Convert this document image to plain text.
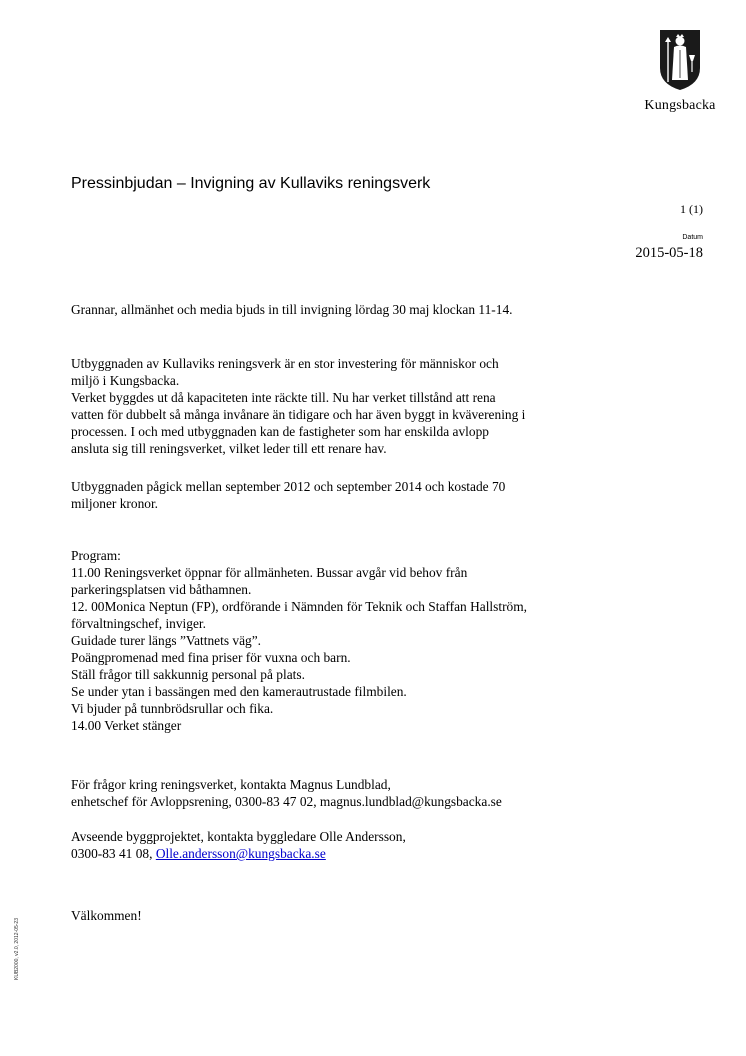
Kungsbacka
Pressinbjudan – Invigning av Kullaviks reningsverk
1 (1)
Datum
2015-05-18

Grannar, allmänhet och media bjuds in till invigning lördag 30 maj klockan 11-14.

Utbyggnaden av Kullaviks reningsverk är en stor investering för människor och

miljö i Kungsbacka.

Verket byggdes ut då kapaciteten inte räckte till. Nu har verket tillstånd att rena

vatten för dubbelt så många invånare än tidigare och har även byggt in kväverening i

processen. I och med utbyggnaden kan de fastigheter som har enskilda avlopp

ansluta sig till reningsverket, vilket leder till ett renare hav.

Utbyggnaden pågick mellan september 2012 och september 2014 och kostade 70

miljoner kronor.

Program:

11.00 Reningsverket öppnar för allmänheten. Bussar avgår vid behov från

parkeringsplatsen vid båthamnen.

12. 00Monica Neptun (FP), ordförande i Nämnden för Teknik och Staffan Hallström,

förvaltningschef, inviger.

Guidade turer längs ”Vattnets väg”.

Poängpromenad med fina priser för vuxna och barn.

Ställ frågor till sakkunnig personal på plats.

Se under ytan i bassängen med den kamerautrustade filmbilen.

Vi bjuder på tunnbrödsrullar och fika.

14.00 Verket stänger

För frågor kring reningsverket, kontakta Magnus Lundblad,

enhetschef för Avloppsrening, 0300-83 47 02, magnus.lundblad@kungsbacka.se

Avseende byggprojektet, kontakta byggledare Olle Andersson,

0300-83 41 08, Olle.andersson@kungsbacka.se

Välkommen!

KUB2000, v2.0, 2012-05-23
